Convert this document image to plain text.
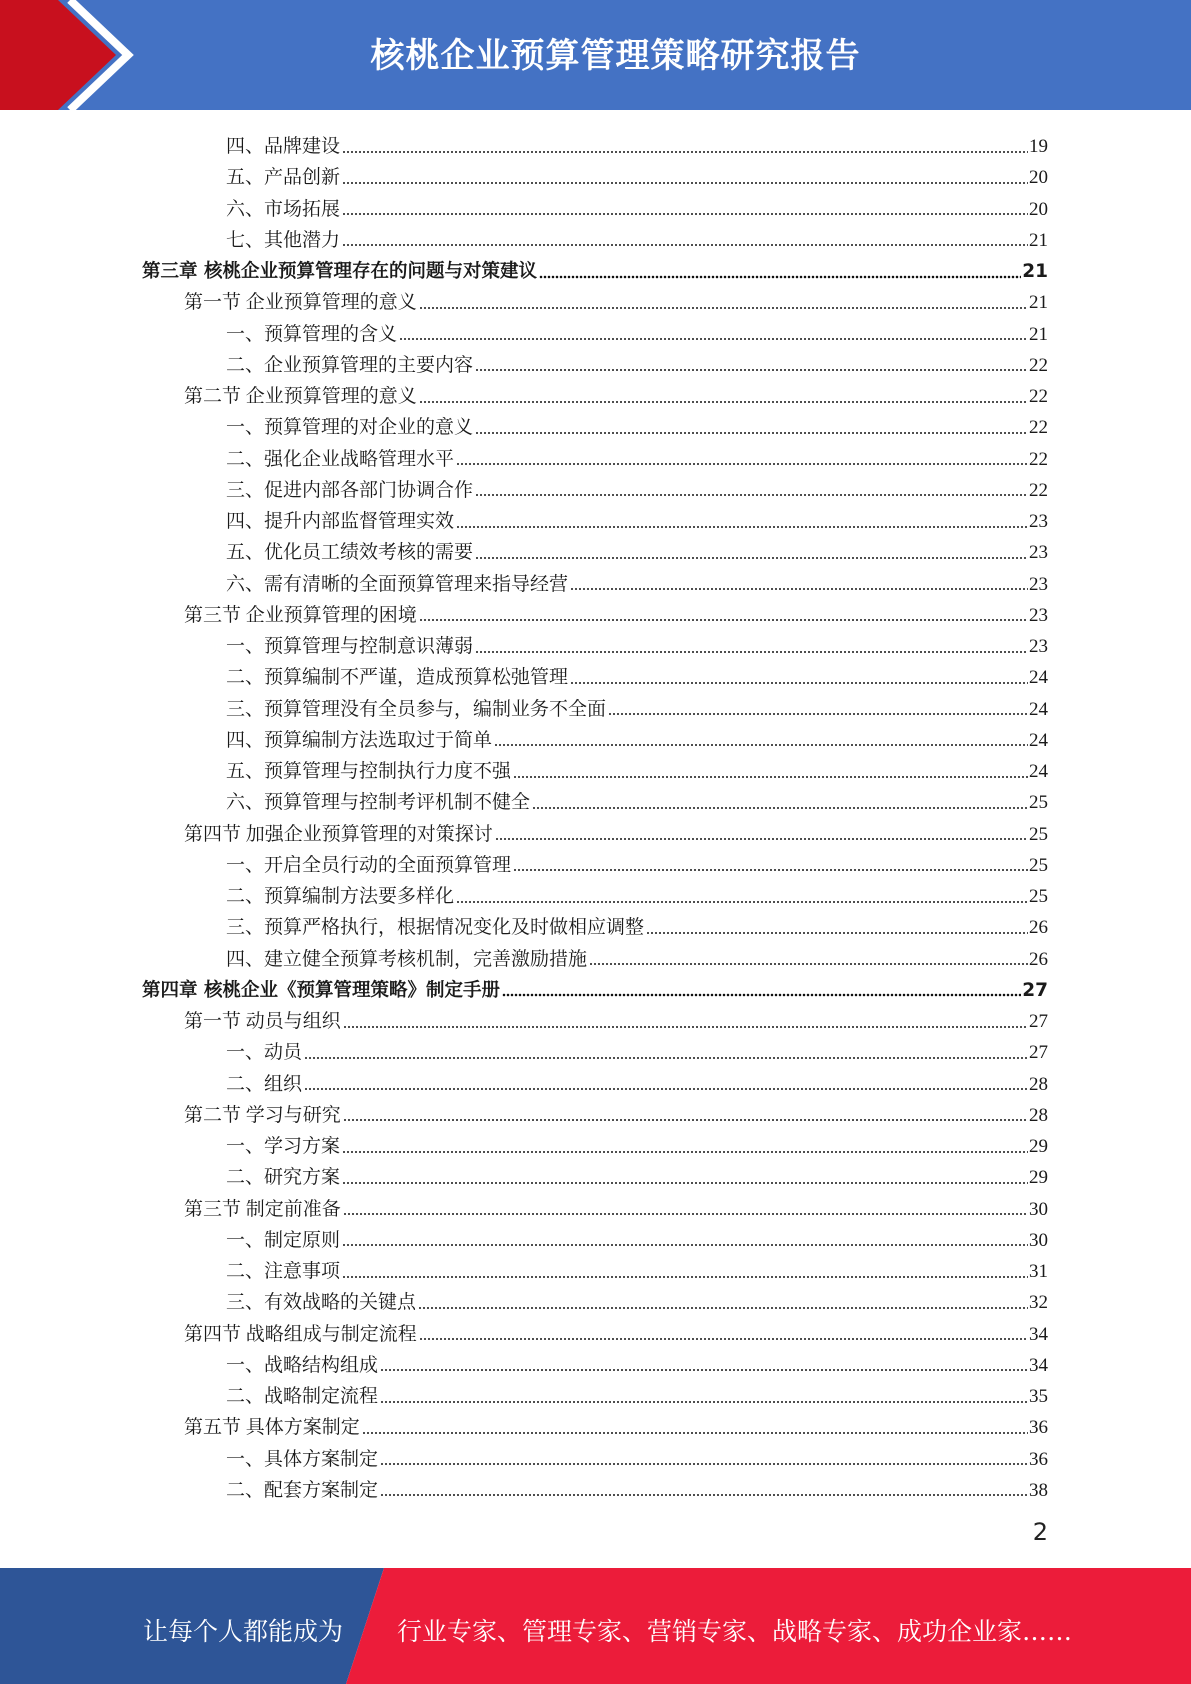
核桃企业预算管理策略研究报告
四、品牌建设	19
五、产品创新	20
六、市场拓展	20
七、其他潜力	21
第三章 核桃企业预算管理存在的问题与对策建议	21
第一节 企业预算管理的意义	21
一、预算管理的含义	21
二、企业预算管理的主要内容	22
第二节 企业预算管理的意义	22
一、预算管理的对企业的意义	22
二、强化企业战略管理水平	22
三、促进内部各部门协调合作	22
四、提升内部监督管理实效	23
五、优化员工绩效考核的需要	23
六、需有清晰的全面预算管理来指导经营	23
第三节 企业预算管理的困境	23
一、预算管理与控制意识薄弱	23
二、预算编制不严谨，造成预算松弛管理	24
三、预算管理没有全员参与，编制业务不全面	24
四、预算编制方法选取过于简单	24
五、预算管理与控制执行力度不强	24
六、预算管理与控制考评机制不健全	25
第四节 加强企业预算管理的对策探讨	25
一、开启全员行动的全面预算管理	25
二、预算编制方法要多样化	25
三、预算严格执行，根据情况变化及时做相应调整	26
四、建立健全预算考核机制，完善激励措施	26
第四章 核桃企业《预算管理策略》制定手册	27
第一节 动员与组织	27
一、动员	27
二、组织	28
第二节 学习与研究	28
一、学习方案	29
二、研究方案	29
第三节 制定前准备	30
一、制定原则	30
二、注意事项	31
三、有效战略的关键点	32
第四节 战略组成与制定流程	34
一、战略结构组成	34
二、战略制定流程	35
第五节 具体方案制定	36
一、具体方案制定	36
二、配套方案制定	38
2
让每个人都能成为 行业专家、管理专家、营销专家、战略专家、成功企业家……
